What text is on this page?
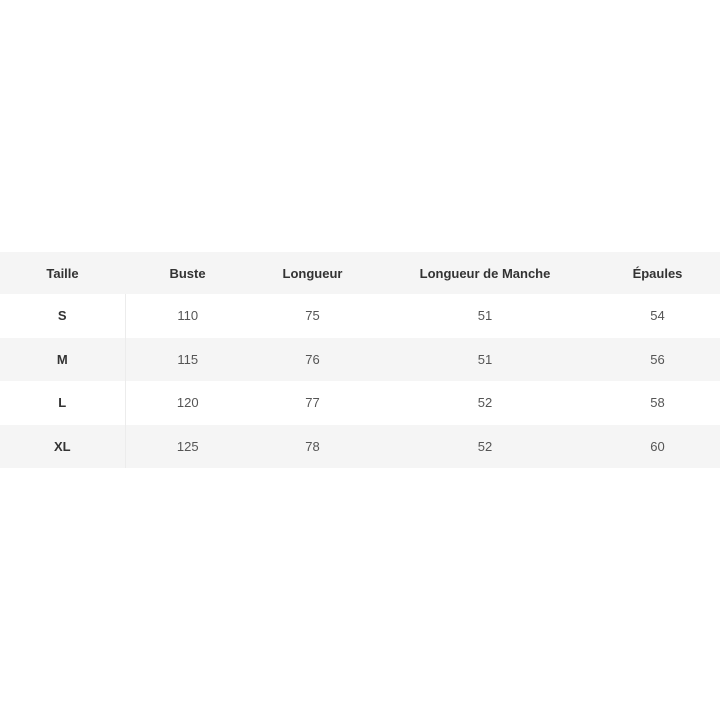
Taille	Buste	Longueur	Longueur de Manche	Épaules
S	110	75	51	54
M	115	76	51	56
L	120	77	52	58
XL	125	78	52	60
